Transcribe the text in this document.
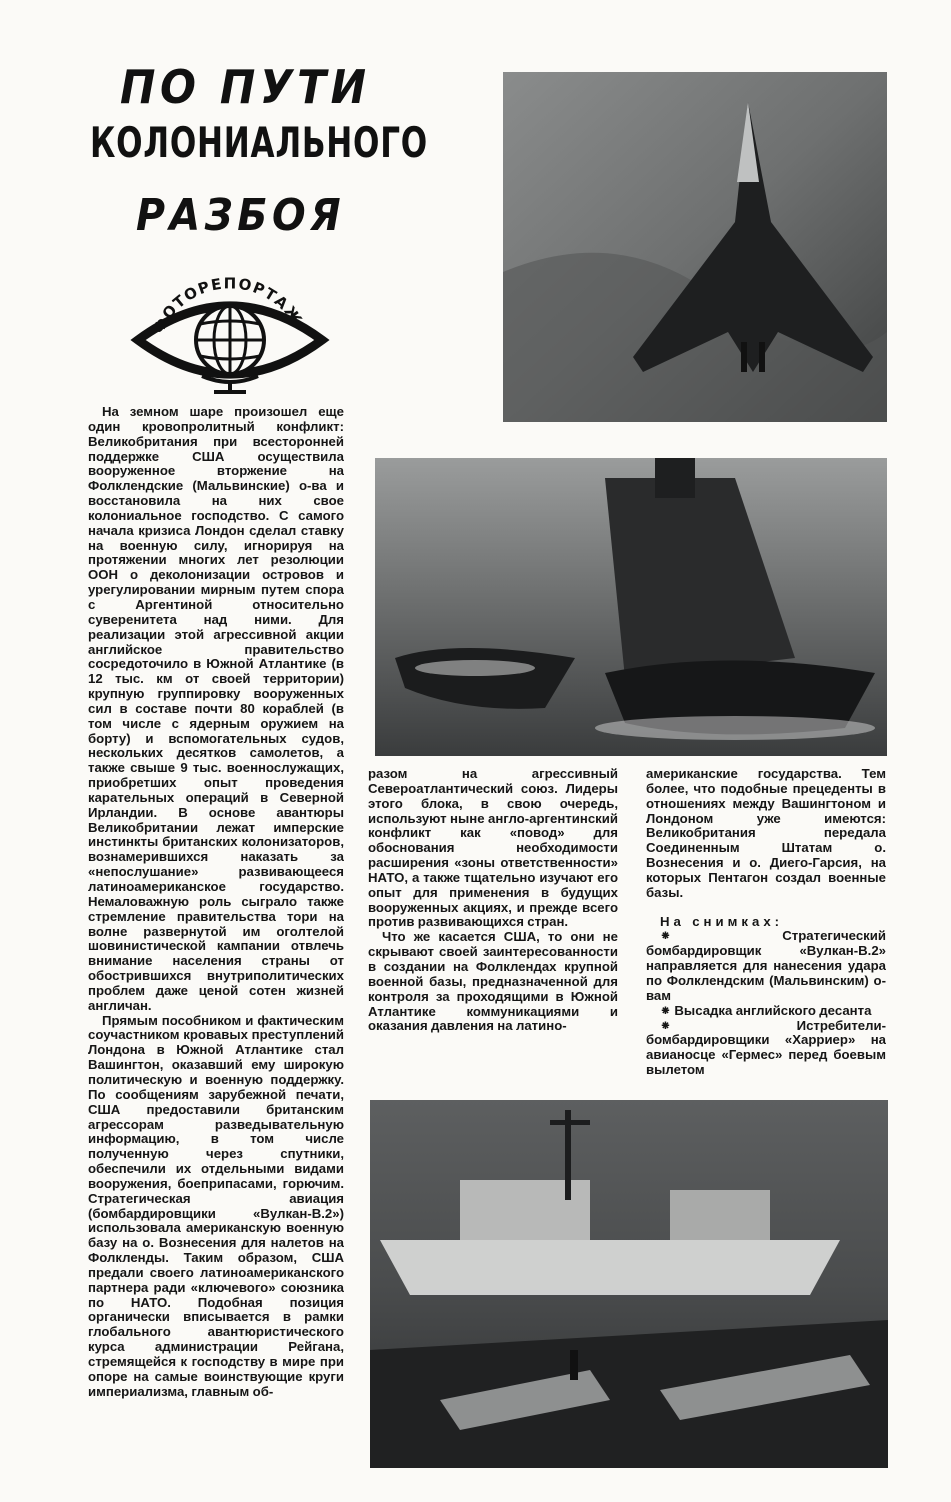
ПО ПУТИ
КОЛОНИАЛЬНОГО
РАЗБОЯ
ФОТОРЕПОРТАЖ

На земном шаре произошел еще один кровопролитный конфликт: Великобритания при всесторонней поддержке США осуществила вооруженное вторжение на Фолклендские (Мальвинские) о-ва и восстановила на них свое колониальное господство. С самого начала кризиса Лондон сделал ставку на военную силу, игнорируя на протяжении многих лет резолюции ООН о деколонизации островов и урегулировании мирным путем спора с Аргентиной относительно суверенитета над ними. Для реализации этой агрессивной акции английское правительство сосредоточило в Южной Атлантике (в 12 тыс. км от своей территории) крупную группировку вооруженных сил в составе почти 80 кораблей (в том числе с ядерным оружием на борту) и вспомогательных судов, нескольких десятков самолетов, а также свыше 9 тыс. военнослужащих, приобретших опыт проведения карательных операций в Северной Ирландии. В основе авантюры Великобритании лежат имперские инстинкты британских колонизаторов, вознамерившихся наказать за «непослушание» развивающееся латиноамериканское государство. Немаловажную роль сыграло также стремление правительства тори на волне развернутой им оголтелой шовинистической кампании отвлечь внимание населения страны от обострившихся внутриполитических проблем даже ценой сотен жизней англичан.

Прямым пособником и фактическим соучастником кровавых преступлений Лондона в Южной Атлантике стал Вашингтон, оказавший ему широкую политическую и военную поддержку. По сообщениям зарубежной печати, США предоставили британским агрессорам разведывательную информацию, в том числе полученную через спутники, обеспечили их отдельными видами вооружения, боеприпасами, горючим. Стратегическая авиация (бомбардировщики «Вулкан-В.2») использовала американскую военную базу на о. Вознесения для налетов на Фолкленды. Таким образом, США предали своего латиноамериканского партнера ради «ключевого» союзника по НАТО. Подобная позиция органически вписывается в рамки глобального авантюристического курса администрации Рейгана, стремящейся к господству в мире при опоре на самые воинствующие круги империализма, главным об-

разом на агрессивный Североатлантический союз. Лидеры этого блока, в свою очередь, используют ныне англо-аргентинский конфликт как «повод» для обоснования необходимости расширения «зоны ответственности» НАТО, а также тщательно изучают его опыт для применения в будущих вооруженных акциях, и прежде всего против развивающихся стран.

Что же касается США, то они не скрывают своей заинтересованности в создании на Фолклендах крупной военной базы, предназначенной для контроля за проходящими в Южной Атлантике коммуникациями и оказания давления на латино-

американские государства. Тем более, что подобные прецеденты в отношениях между Вашингтоном и Лондоном уже имеются: Великобритания передала Соединенным Штатам о. Вознесения и о. Диего-Гарсия, на которых Пентагон создал военные базы.

На снимках:

⁕ Стратегический бомбардировщик «Вулкан-В.2» направляется для нанесения удара по Фолклендским (Мальвинским) о-вам

⁕ Высадка английского десанта

⁕ Истребители-бомбардировщики «Харриер» на авианосце «Гермес» перед боевым вылетом
